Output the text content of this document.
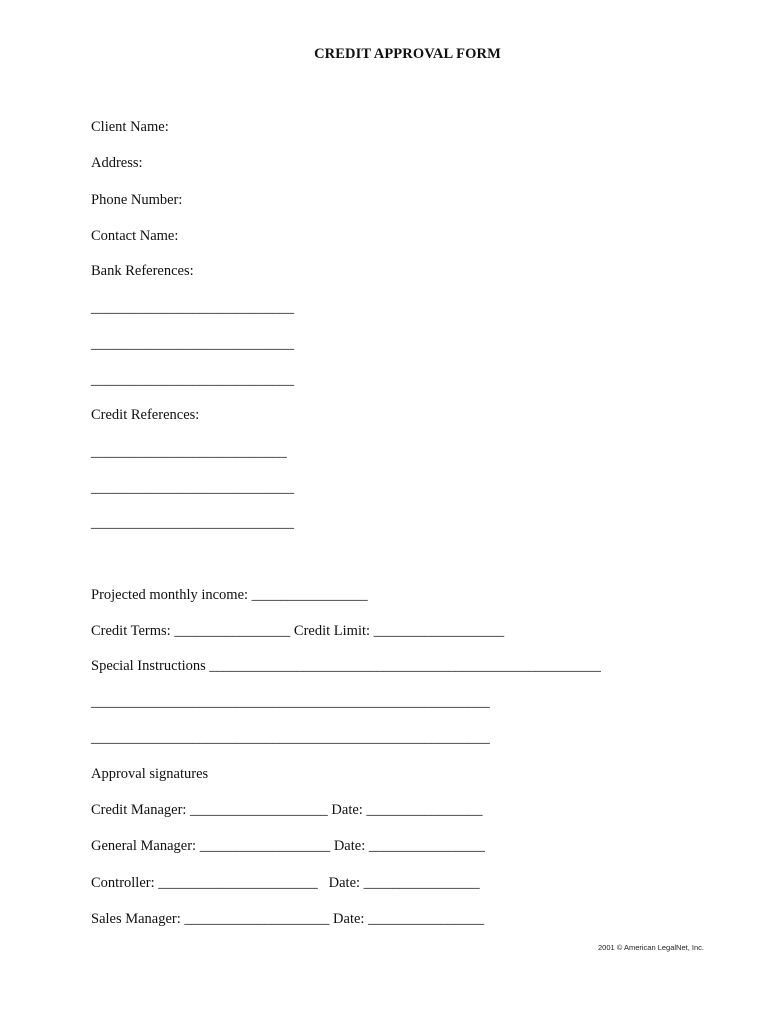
CREDIT APPROVAL FORM
Client Name:
Address:
Phone Number:
Contact Name:
Bank References:
____________________________
____________________________
____________________________
Credit References:
___________________________
____________________________
____________________________
Projected monthly income: ________________
Credit Terms: ________________ Credit Limit: __________________
Special Instructions ______________________________________________________
_______________________________________________________
_______________________________________________________
Approval signatures
Credit Manager: ___________________ Date: ________________
General Manager: __________________ Date: ________________
Controller: ______________________   Date: ________________
Sales Manager: ____________________ Date: ________________
2001 © American LegalNet, Inc.
